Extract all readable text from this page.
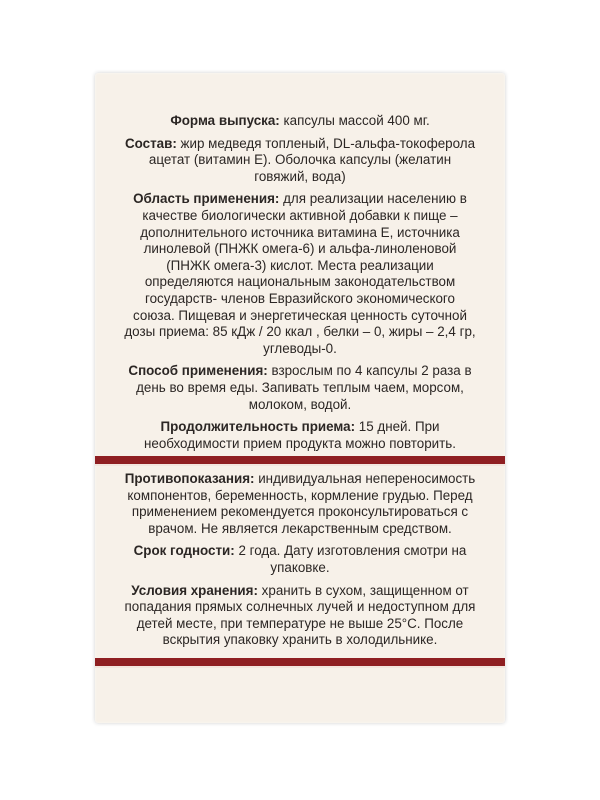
Форма выпуска: капсулы массой 400 мг.

Состав: жир медведя топленый, DL-альфа-токоферола ацетат (витамин Е). Оболочка капсулы (желатин говяжий, вода)

Область применения: для реализации населению в качестве биологически активной добавки к пище – дополнительного источника витамина Е, источника линолевой (ПНЖК омега-6) и альфа-линоленовой (ПНЖК омега-3) кислот. Места реализации определяются национальным законодательством государств- членов Евразийского экономического союза. Пищевая и энергетическая ценность суточной дозы приема: 85 кДж / 20 ккал , белки – 0, жиры – 2,4 гр, углеводы-0.

Способ применения: взрослым по 4 капсулы 2 раза в день во время еды. Запивать теплым чаем, морсом, молоком, водой.

Продолжительность приема: 15 дней. При необходимости прием продукта можно повторить.

Противопоказания: индивидуальная непереносимость компонентов, беременность, кормление грудью. Перед применением рекомендуется проконсультироваться с врачом. Не является лекарственным средством.

Срок годности: 2 года. Дату изготовления смотри на упаковке.

Условия хранения: хранить в сухом, защищенном от попадания прямых солнечных лучей и недоступном для детей месте, при температуре не выше 25°С. После вскрытия упаковку хранить в холодильнике.
